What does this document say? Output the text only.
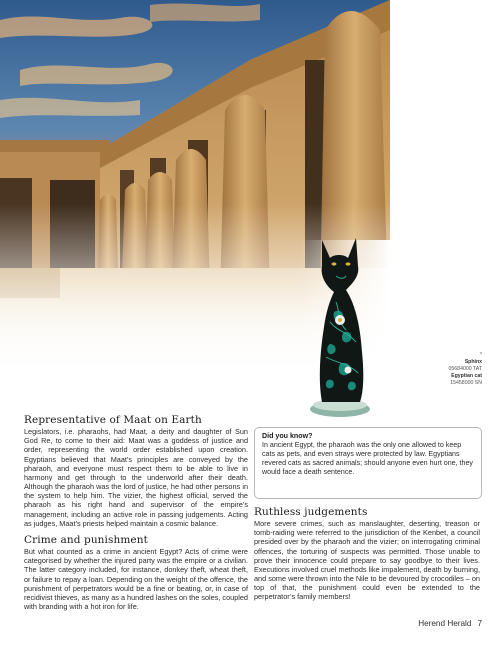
*
Sphinx
05684000 TAT
Egyptian cat
15458000 SN
Representative of Maat on Earth

Legislators, i.e. pharaohs, had Maat, a deity and daughter of Sun God Re, to come to their aid: Maat was a goddess of justice and order, representing the world order established upon creation. Egyptians believed that Maat’s principles are conveyed by the pharaoh, and everyone must respect them to be able to live in harmony and get through to the underworld after their death. Although the pharaoh was the lord of justice, he had other persons in the system to help him. The vizier, the highest official, served the pharaoh as his right hand and supervisor of the empire’s management, including an active role in passing judgements. Acting as judges, Maat’s priests helped maintain a cosmic balance.

Crime and punishment

But what counted as a crime in ancient Egypt? Acts of crime were categorised by whether the injured party was the empire or a civilian. The latter category included, for instance, donkey theft, wheat theft, or failure to repay a loan. Depending on the weight of the offence, the punishment of perpetrators would be a fine or beating, or, in case of recidivist thieves, as many as a hundred lashes on the soles, coupled with branding with a hot iron for life.

Did you know?
In ancient Egypt, the pharaoh was the only one allowed to keep cats as pets, and even strays were protected by law. Egyptians revered cats as sacred animals; should anyone even hurt one, they would face a death sentence.
Ruthless judgements

More severe crimes, such as manslaughter, deserting, treason or tomb-raiding were referred to the jurisdiction of the Kenbet, a council presided over by the pharaoh and the vizier; on interrogating criminal offences, the torturing of suspects was permitted. Those unable to prove their innocence could prepare to say goodbye to their lives. Executions involved cruel methods like impalement, death by burning, and some were thrown into the Nile to be devoured by crocodiles – on top of that, the punishment could even be extended to the perpetrator’s family members!

Herend Herald 7
